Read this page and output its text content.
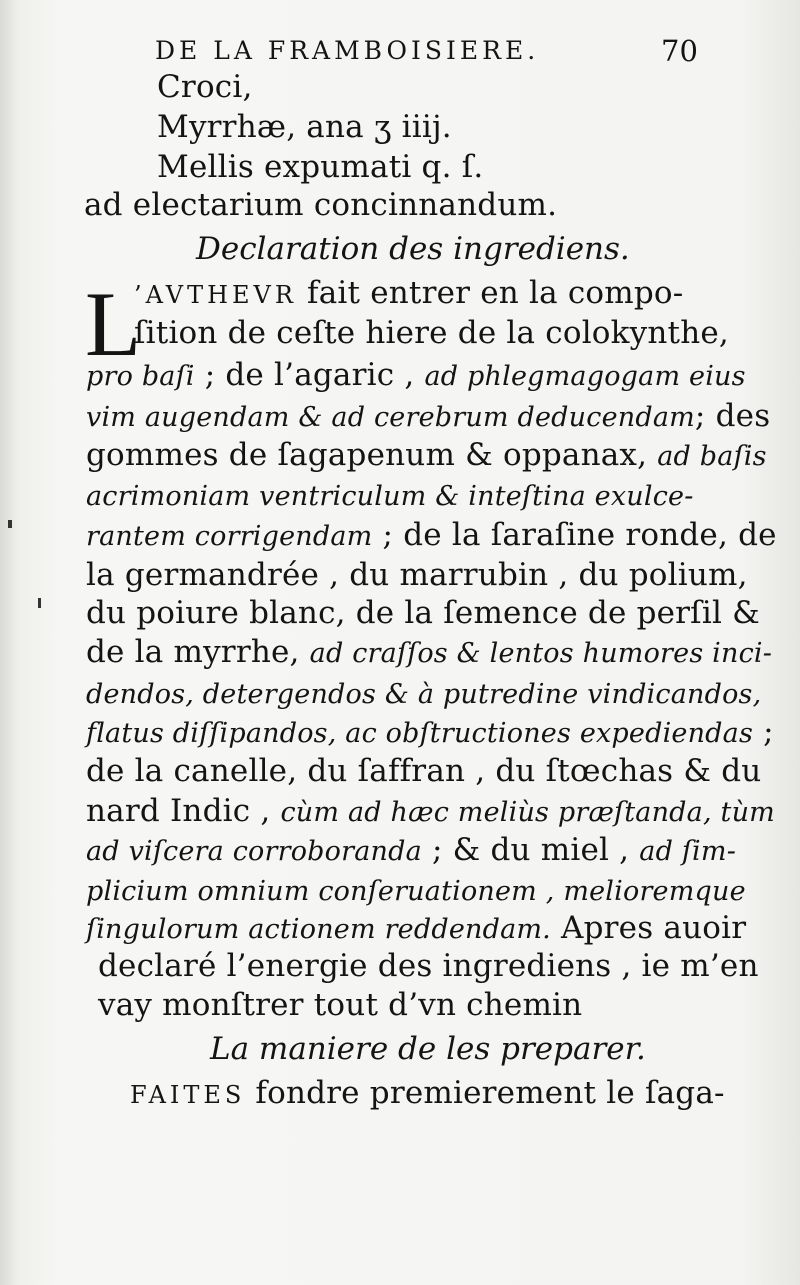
DE LA FRAMBOISIERE.	70
Croci,
Myrrhæ, ana ʒ iiij.
Mellis expumati q. ſ.
ad electarium concinnandum.
Declaration des ingrediens.
L
’AVTHEVR fait entrer en la compo-
ſition de ceſte hiere de la colokynthe,
pro baſi ; de l’agaric , ad phlegmagogam eius
vim augendam & ad cerebrum deducendam; des
gommes de ſagapenum & oppanax, ad baſis
acrimoniam ventriculum & inteſtina exulce-
rantem corrigendam ; de la ſaraſine ronde, de
la germandrée , du marrubin , du polium,
du poiure blanc, de la ſemence de perſil &
de la myrrhe, ad craſſos & lentos humores inci-
dendos, detergendos & à putredine vindicandos,
flatus diſſipandos, ac obſtructiones expediendas ;
de la canelle, du ſaffran , du ſtœchas & du
nard Indic , cùm ad hæc meliùs præſtanda, tùm
ad viſcera corroboranda ; & du miel , ad ſim-
plicium omnium conſeruationem , melioremque
ſingulorum actionem reddendam. Apres auoir
declaré l’energie des ingrediens , ie m’en
vay monſtrer tout d’vn chemin
La maniere de les preparer.
FAITES fondre premierement le ſaga-
